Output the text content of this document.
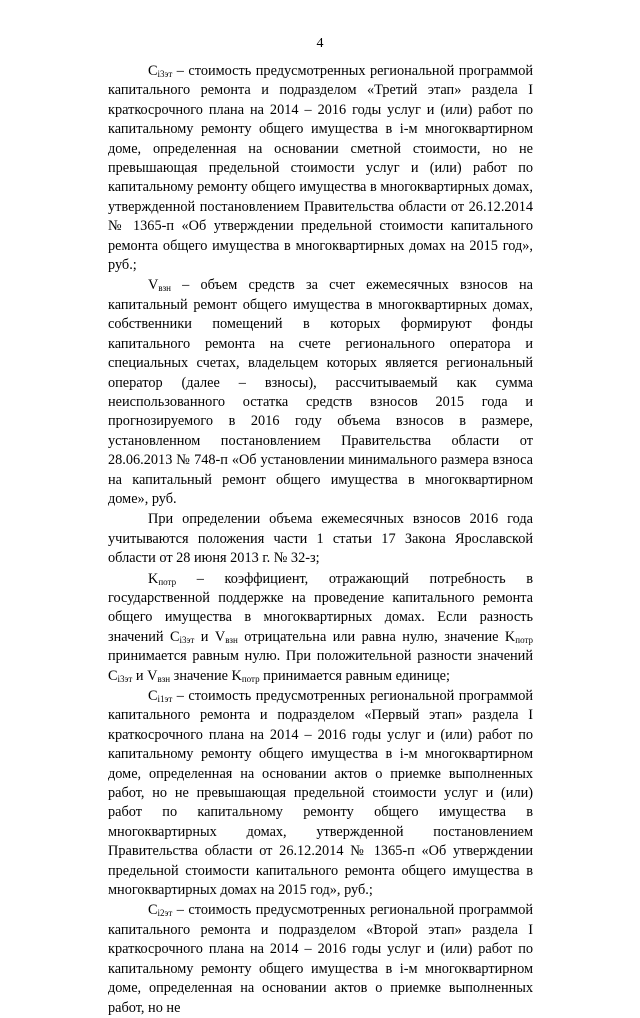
4

$C_{i3эт}$ – стоимость предусмотренных региональной программой капитального ремонта и подразделом «Третий этап» раздела I краткосрочного плана на 2014 – 2016 годы услуг и (или) работ по капитальному ремонту общего имущества в i-м многоквартирном доме, определенная на основании сметной стоимости, но не превышающая предельной стоимости услуг и (или) работ по капитальному ремонту общего имущества в многоквартирных домах, утвержденной постановлением Правительства области от 26.12.2014 № 1365-п «Об утверждении предельной стоимости капитального ремонта общего имущества в многоквартирных домах на 2015 год», руб.;

$V_{взн}$ – объем средств за счет ежемесячных взносов на капитальный ремонт общего имущества в многоквартирных домах, собственники помещений в которых формируют фонды капитального ремонта на счете регионального оператора и специальных счетах, владельцем которых является региональный оператор (далее – взносы), рассчитываемый как сумма неиспользованного остатка средств взносов 2015 года и прогнозируемого в 2016 году объема взносов в размере, установленном постановлением Правительства области от 28.06.2013 № 748-п «Об установлении минимального размера взноса на капитальный ремонт общего имущества в многоквартирном доме», руб.

При определении объема ежемесячных взносов 2016 года учитываются положения части 1 статьи 17 Закона Ярославской области от 28 июня 2013 г. № 32-з;

$K_{потр}$ – коэффициент, отражающий потребность в государственной поддержке на проведение капитального ремонта общего имущества в многоквартирных домах. Если разность значений $C_{i3эт}$ и $V_{взн}$ отрицательна или равна нулю, значение $K_{потр}$ принимается равным нулю. При положительной разности значений $C_{i3эт}$ и $V_{взн}$ значение $K_{потр}$ принимается равным единице;

$C_{i1эт}$ – стоимость предусмотренных региональной программой капитального ремонта и подразделом «Первый этап» раздела I краткосрочного плана на 2014 – 2016 годы услуг и (или) работ по капитальному ремонту общего имущества в i-м многоквартирном доме, определенная на основании актов о приемке выполненных работ, но не превышающая предельной стоимости услуг и (или) работ по капитальному ремонту общего имущества в многоквартирных домах, утвержденной постановлением Правительства области от 26.12.2014 № 1365-п «Об утверждении предельной стоимости капитального ремонта общего имущества в многоквартирных домах на 2015 год», руб.;

$C_{i2эт}$ – стоимость предусмотренных региональной программой капитального ремонта и подразделом «Второй этап» раздела I краткосрочного плана на 2014 – 2016 годы услуг и (или) работ по капитальному ремонту общего имущества в i-м многоквартирном доме, определенная на основании актов о приемке выполненных работ, но не
